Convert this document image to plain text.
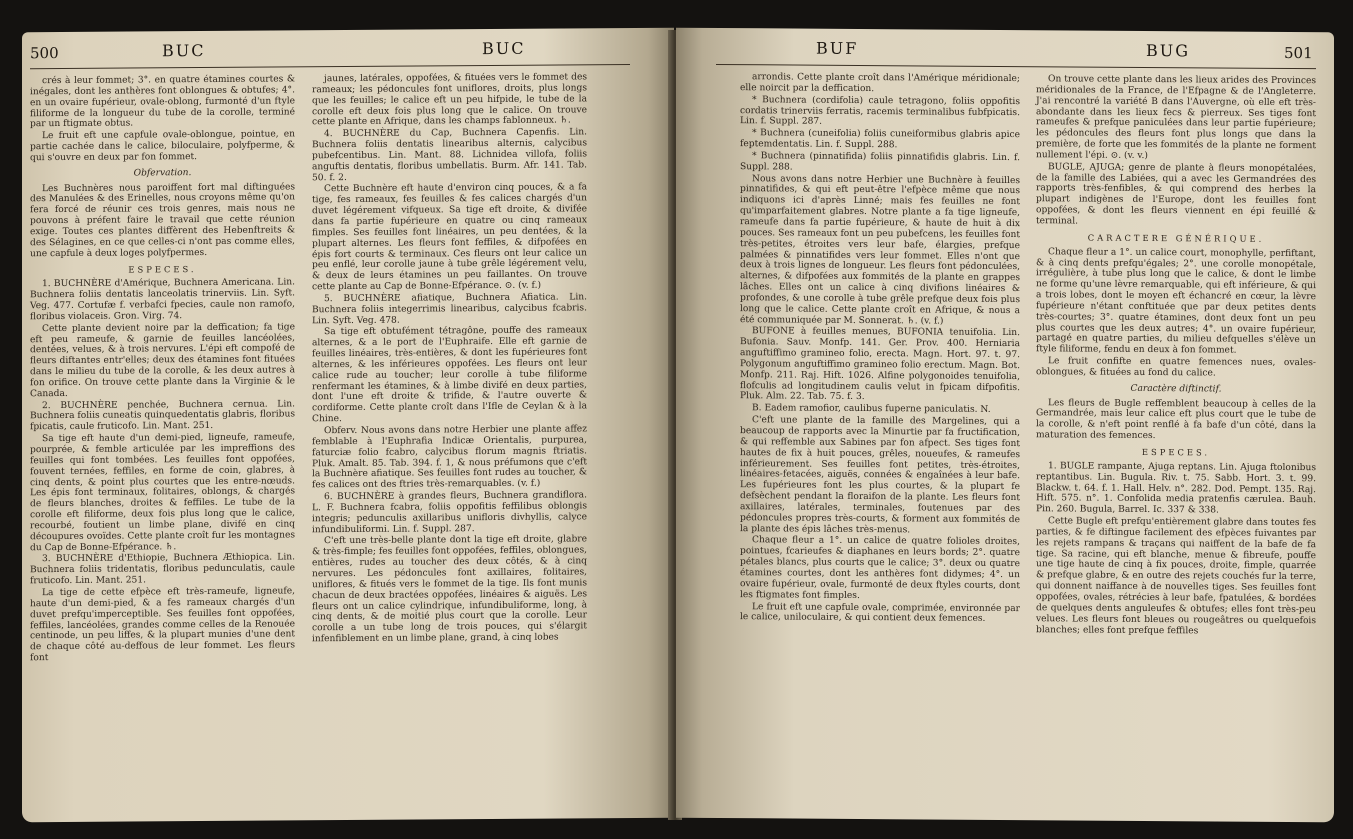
500	BUC	BUC

crés à leur fommet; 3°. en quatre étamines courtes & inégales, dont les anthères font oblongues & obtufes; 4°. en un ovaire fupérieur, ovale-oblong, furmonté d'un ftyle filiforme de la longueur du tube de la corolle, terminé par un ftigmate obtus.

Le fruit eft une capfule ovale-oblongue, pointue, en partie cachée dans le calice, biloculaire, polyfperme, & qui s'ouvre en deux par fon fommet.

Obfervation.

Les Buchnères nous paroiffent fort mal diftinguées des Manulées & des Erinelles, nous croyons même qu'on fera forcé de réunir ces trois genres, mais nous ne pouvons à préfent faire le travail que cette réunion exige. Toutes ces plantes diffèrent des Hebenftreits & des Sélagines, en ce que celles-ci n'ont pas comme elles, une capfule à deux loges polyfpermes.

ESPECES.

1. BUCHNÈRE d'Amérique, Buchnera Americana. Lin. Buchnera foliis dentatis lanceolatis trinerviis. Lin. Syft. Veg. 477. Cortufæ f. verbafci fpecies, caule non ramofo, floribus violaceis. Gron. Virg. 74.

Cette plante devient noire par la deffication; fa tige eft peu rameufe, & garnie de feuilles lancéolées, dentées, velues, & à trois nervures. L'épi eft compofé de fleurs diftantes entr'elles; deux des étamines font fituées dans le milieu du tube de la corolle, & les deux autres à fon orifice. On trouve cette plante dans la Virginie & le Canada.

2. BUCHNÈRE penchée, Buchnera cernua. Lin. Buchnera foliis cuneatis quinquedentatis glabris, floribus fpicatis, caule fruticofo. Lin. Mant. 251.

Sa tige eft haute d'un demi-pied, ligneufe, rameufe, pourprée, & femble articulée par les impreffions des feuilles qui font tombées. Les feuilles font oppofées, fouvent ternées, feffiles, en forme de coin, glabres, à cinq dents, & point plus courtes que les entre-nœuds. Les épis font terminaux, folitaires, oblongs, & chargés de fleurs blanches, droites & feffiles. Le tube de la corolle eft filiforme, deux fois plus long que le calice, recourbé, foutient un limbe plane, divifé en cinq découpures ovoïdes. Cette plante croît fur les montagnes du Cap de Bonne-Efpérance. ♄.

3. BUCHNÈRE d'Ethiopie, Buchnera Æthiopica. Lin. Buchnera foliis tridentatis, floribus pedunculatis, caule fruticofo. Lin. Mant. 251.

La tige de cette efpèce eft très-rameufe, ligneufe, haute d'un demi-pied, & a fes rameaux chargés d'un duvet prefqu'imperceptible. Ses feuilles font oppofées, feffiles, lancéolées, grandes comme celles de la Renouée centinode, un peu liffes, & la plupart munies d'une dent de chaque côté au-deffous de leur fommet. Les fleurs font

jaunes, latérales, oppofées, & fituées vers le fommet des rameaux; les pédoncules font uniflores, droits, plus longs que les feuilles; le calice eft un peu hifpide, le tube de la corolle eft deux fois plus long que le calice. On trouve cette plante en Afrique, dans les champs fablonneux. ♄.

4. BUCHNÈRE du Cap, Buchnera Capenfis. Lin. Buchnera foliis dentatis linearibus alternis, calycibus pubefcentibus. Lin. Mant. 88. Lichnidea villofa, foliis anguftis dentatis, floribus umbellatis. Burm. Afr. 141. Tab. 50. f. 2.

Cette Buchnère eft haute d'environ cinq pouces, & a fa tige, fes rameaux, fes feuilles & fes calices chargés d'un duvet légérement vifqueux. Sa tige eft droite, & divifée dans fa partie fupérieure en quatre ou cinq rameaux fimples. Ses feuilles font linéaires, un peu dentées, & la plupart alternes. Les fleurs font feffiles, & difpofées en épis fort courts & terminaux. Ces fleurs ont leur calice un peu enflé, leur corolle jaune à tube grêle légérement velu, & deux de leurs étamines un peu faillantes. On trouve cette plante au Cap de Bonne-Efpérance. ⊙. (v. f.)

5. BUCHNÈRE afiatique, Buchnera Afiatica. Lin. Buchnera foliis integerrimis linearibus, calycibus fcabris. Lin. Syft. Veg. 478.

Sa tige eft obtufément tétragône, pouffe des rameaux alternes, & a le port de l'Euphraife. Elle eft garnie de feuilles linéaires, très-entières, & dont les fupérieures font alternes, & les inférieures oppofées. Les fleurs ont leur calice rude au toucher; leur corolle à tube filiforme renfermant les étamines, & à limbe divifé en deux parties, dont l'une eft droite & trifide, & l'autre ouverte & cordiforme. Cette plante croît dans l'Ifle de Ceylan & à la Chine.

Obferv. Nous avons dans notre Herbier une plante affez femblable à l'Euphrafia Indicæ Orientalis, purpurea, faturciæ folio fcabro, calycibus florum magnis ftriatis. Pluk. Amalt. 85. Tab. 394. f. 1, & nous préfumons que c'eft la Buchnère afiatique. Ses feuilles font rudes au toucher, & fes calices ont des ftries très-remarquables. (v. f.)

6. BUCHNÈRE à grandes fleurs, Buchnera grandiflora. L. F. Buchnera fcabra, foliis oppofitis feffilibus oblongis integris; pedunculis axillaribus unifloris divhyllis, calyce infundibuliformi. Lin. f. Suppl. 287.

C'eft une très-belle plante dont la tige eft droite, glabre & très-fimple; fes feuilles font oppofées, feffiles, oblongues, entières, rudes au toucher des deux côtés, & à cinq nervures. Les pédoncules font axillaires, folitaires, uniflores, & fitués vers le fommet de la tige. Ils font munis chacun de deux bractées oppofées, linéaires & aiguës. Les fleurs ont un calice cylindrique, infundibuliforme, long, à cinq dents, & de moitié plus court que la corolle. Leur corolle a un tube long de trois pouces, qui s'élargit infenfiblement en un limbe plane, grand, à cinq lobes

BUF	BUG	501

arrondis. Cette plante croît dans l'Amérique méridionale; elle noircit par la deffication.

* Buchnera (cordifolia) caule tetragono, foliis oppofitis cordatis trinerviis ferratis, racemis terminalibus fubfpicatis. Lin. f. Suppl. 287.

* Buchnera (cuneifolia) foliis cuneiformibus glabris apice feptemdentatis. Lin. f. Suppl. 288.

* Buchnera (pinnatifida) foliis pinnatifidis glabris. Lin. f. Suppl. 288.

Nous avons dans notre Herbier une Buchnère à feuilles pinnatifides, & qui eft peut-être l'efpèce même que nous indiquons ici d'après Linné; mais fes feuilles ne font qu'imparfaitement glabres. Notre plante a fa tige ligneufe, rameufe dans fa partie fupérieure, & haute de huit à dix pouces. Ses rameaux font un peu pubefcens, les feuilles font très-petites, étroites vers leur bafe, élargies, prefque palmées & pinnatifides vers leur fommet. Elles n'ont que deux à trois lignes de longueur. Les fleurs font pédonculées, alternes, & difpofées aux fommités de la plante en grappes lâches. Elles ont un calice à cinq divifions linéaires & profondes, & une corolle à tube grêle prefque deux fois plus long que le calice. Cette plante croît en Afrique, & nous a été communiquée par M. Sonnerat. ♄. (v. f.)

BUFONE à feuilles menues, BUFONIA tenuifolia. Lin. Bufonia. Sauv. Monfp. 141. Ger. Prov. 400. Herniaria anguftiffimo gramineo folio, erecta. Magn. Hort. 97. t. 97. Polygonum anguftiffimo gramineo folio erectum. Magn. Bot. Monfp. 211. Raj. Hift. 1026. Alfine polygonoides tenuifolia, flofculis ad longitudinem caulis velut in fpicam difpofitis. Pluk. Alm. 22. Tab. 75. f. 3.

B. Eadem ramofior, caulibus fuperne paniculatis. N.

C'eft une plante de la famille des Margelines, qui a beaucoup de rapports avec la Minurtie par fa fructification, & qui reffemble aux Sabines par fon afpect. Ses tiges font hautes de fix à huit pouces, grêles, noueufes, & rameufes inférieurement. Ses feuilles font petites, très-étroites, linéaires-fetacées, aiguës, connées & engaînées à leur bafe. Les fupérieures font les plus courtes, & la plupart fe defsèchent pendant la floraifon de la plante. Les fleurs font axillaires, latérales, terminales, foutenues par des pédoncules propres très-courts, & forment aux fommités de la plante des épis lâches très-menus.

Chaque fleur a 1°. un calice de quatre folioles droites, pointues, fcarieufes & diaphanes en leurs bords; 2°. quatre pétales blancs, plus courts que le calice; 3°. deux ou quatre étamines courtes, dont les anthères font didymes; 4°. un ovaire fupérieur, ovale, furmonté de deux ftyles courts, dont les ftigmates font fimples.

Le fruit eft une capfule ovale, comprimée, environnée par le calice, uniloculaire, & qui contient deux femences.

On trouve cette plante dans les lieux arides des Provinces méridionales de la France, de l'Efpagne & de l'Angleterre. J'ai rencontré la variété B dans l'Auvergne, où elle eft très-abondante dans les lieux fecs & pierreux. Ses tiges font rameufes & prefque paniculées dans leur partie fupérieure; les pédoncules des fleurs font plus longs que dans la première, de forte que les fommités de la plante ne forment nullement l'épi. ⊙. (v. v.)

BUGLE, AJUGA; genre de plante à fleurs monopétalées, de la famille des Labiées, qui a avec les Germandrées des rapports très-fenfibles, & qui comprend des herbes la plupart indigènes de l'Europe, dont les feuilles font oppofées, & dont les fleurs viennent en épi feuillé & terminal.

CARACTERE GÉNÉRIQUE.

Chaque fleur a 1°. un calice court, monophylle, perfiftant, & à cinq dents prefqu'égales; 2°. une corolle monopétale, irrégulière, à tube plus long que le calice, & dont le limbe ne forme qu'une lèvre remarquable, qui eft inférieure, & qui a trois lobes, dont le moyen eft échancré en cœur, la lèvre fupérieure n'étant conftituée que par deux petites dents très-courtes; 3°. quatre étamines, dont deux font un peu plus courtes que les deux autres; 4°. un ovaire fupérieur, partagé en quatre parties, du milieu defquelles s'élève un ftyle filiforme, fendu en deux à fon fommet.

Le fruit confifte en quatre femences nues, ovales-oblongues, & fituées au fond du calice.

Caractère diftinctif.

Les fleurs de Bugle reffemblent beaucoup à celles de la Germandrée, mais leur calice eft plus court que le tube de la corolle, & n'eft point renflé à fa bafe d'un côté, dans la maturation des femences.

ESPECES.

1. BUGLE rampante, Ajuga reptans. Lin. Ajuga ftolonibus reptantibus. Lin. Bugula. Riv. t. 75. Sabb. Hort. 3. t. 99. Blackw. t. 64. f. 1. Hall. Helv. n°. 282. Dod. Pempt. 135. Raj. Hift. 575. n°. 1. Confolida media pratenfis cærulea. Bauh. Pin. 260. Bugula, Barrel. Ic. 337 & 338.

Cette Bugle eft prefqu'entièrement glabre dans toutes fes parties, & fe diftingue facilement des efpèces fuivantes par les rejets rampans & traçans qui naiffent de la bafe de fa tige. Sa racine, qui eft blanche, menue & fibreufe, pouffe une tige haute de cinq à fix pouces, droite, fimple, quarrée & prefque glabre, & en outre des rejets couchés fur la terre, qui donnent naiffance à de nouvelles tiges. Ses feuilles font oppofées, ovales, rétrécies à leur bafe, fpatulées, & bordées de quelques dents anguleufes & obtufes; elles font très-peu velues. Les fleurs font bleues ou rougeâtres ou quelquefois blanches; elles font prefque feffiles
